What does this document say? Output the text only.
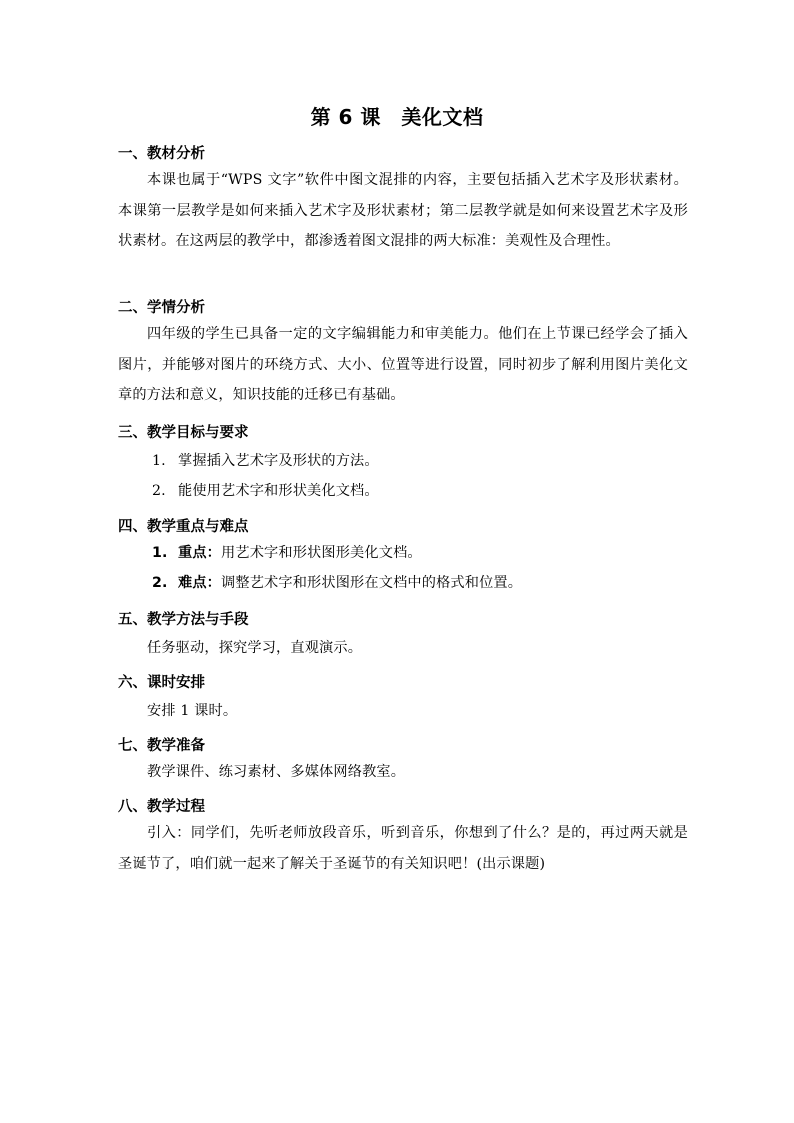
第 6 课　美化文档

一、教材分析

本课也属于“WPS 文字”软件中图文混排的内容，主要包括插入艺术字及形状素材。本课第一层教学是如何来插入艺术字及形状素材；第二层教学就是如何来设置艺术字及形状素材。在这两层的教学中，都渗透着图文混排的两大标准：美观性及合理性。

二、学情分析

四年级的学生已具备一定的文字编辑能力和审美能力。他们在上节课已经学会了插入图片，并能够对图片的环绕方式、大小、位置等进行设置，同时初步了解利用图片美化文章的方法和意义，知识技能的迁移已有基础。

三、教学目标与要求

1. 掌握插入艺术字及形状的方法。

2. 能使用艺术字和形状美化文档。

四、教学重点与难点

1. 重点：用艺术字和形状图形美化文档。

2. 难点：调整艺术字和形状图形在文档中的格式和位置。

五、教学方法与手段

任务驱动，探究学习，直观演示。

六、课时安排

安排 1 课时。

七、教学准备

教学课件、练习素材、多媒体网络教室。

八、教学过程

引入：同学们，先听老师放段音乐，听到音乐，你想到了什么？是的，再过两天就是圣诞节了，咱们就一起来了解关于圣诞节的有关知识吧！(出示课题)
